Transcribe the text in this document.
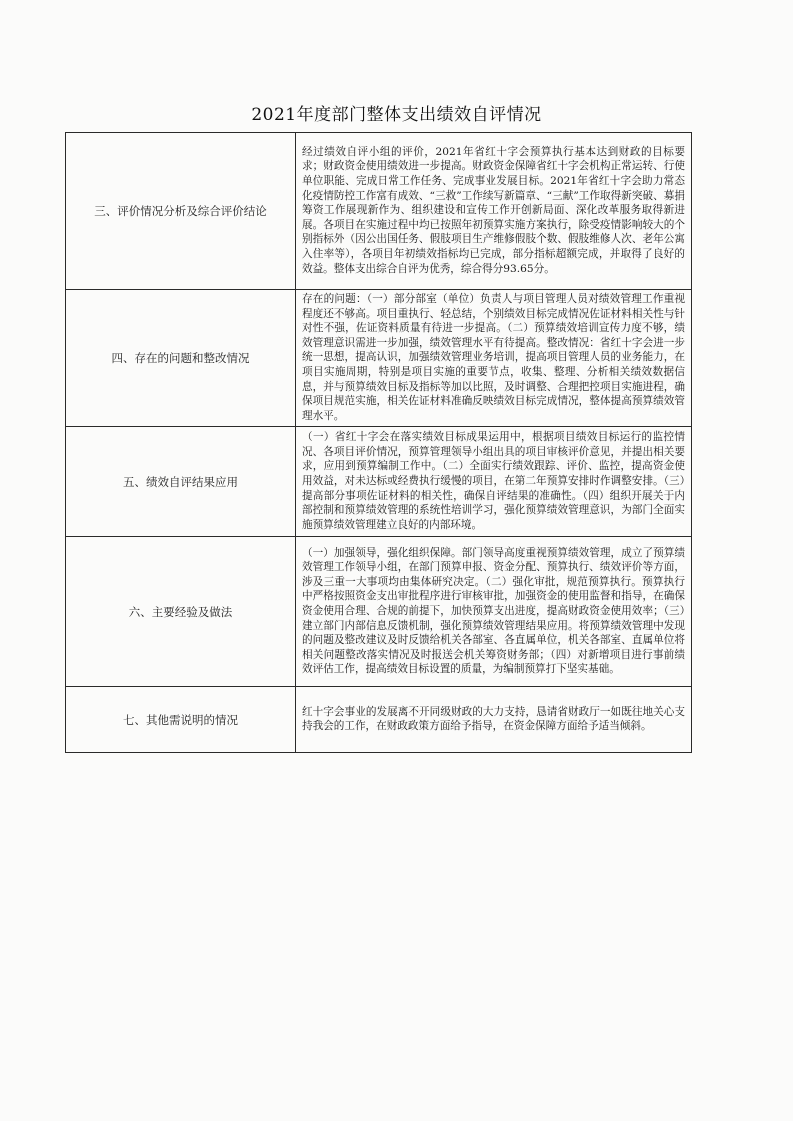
2021年度部门整体支出绩效自评情况
三、评价情况分析及综合评价结论	经过绩效自评小组的评价，2021年省红十字会预算执行基本达到财政的目标要求；财政资金使用绩效进一步提高。财政资金保障省红十字会机构正常运转、行使单位职能、完成日常工作任务、完成事业发展目标。2021年省红十字会助力常态化疫情防控工作富有成效、“三救”工作续写新篇章、“三献”工作取得新突破、募捐筹资工作展现新作为、组织建设和宣传工作开创新局面、深化改革服务取得新进展。各项目在实施过程中均已按照年初预算实施方案执行，除受疫情影响较大的个别指标外（因公出国任务、假肢项目生产维修假肢个数、假肢维修人次、老年公寓入住率等），各项目年初绩效指标均已完成，部分指标超额完成，并取得了良好的效益。整体支出综合自评为优秀，综合得分93.65分。
四、存在的问题和整改情况	存在的问题：（一）部分部室（单位）负责人与项目管理人员对绩效管理工作重视程度还不够高。项目重执行、轻总结，个别绩效目标完成情况佐证材料相关性与针对性不强，佐证资料质量有待进一步提高。（二）预算绩效培训宣传力度不够，绩效管理意识需进一步加强，绩效管理水平有待提高。整改情况：省红十字会进一步统一思想，提高认识，加强绩效管理业务培训，提高项目管理人员的业务能力，在项目实施周期，特别是项目实施的重要节点，收集、整理、分析相关绩效数据信息，并与预算绩效目标及指标等加以比照，及时调整、合理把控项目实施进程，确保项目规范实施，相关佐证材料准确反映绩效目标完成情况，整体提高预算绩效管理水平。
五、绩效自评结果应用	（一）省红十字会在落实绩效目标成果运用中，根据项目绩效目标运行的监控情况、各项目评价情况，预算管理领导小组出具的项目审核评价意见，并提出相关要求，应用到预算编制工作中。（二）全面实行绩效跟踪、评价、监控，提高资金使用效益，对未达标或经费执行缓慢的项目，在第二年预算安排时作调整安排。（三）提高部分事项佐证材料的相关性，确保自评结果的准确性。（四）组织开展关于内部控制和预算绩效管理的系统性培训学习，强化预算绩效管理意识，为部门全面实施预算绩效管理建立良好的内部环境。
六、主要经验及做法	（一）加强领导，强化组织保障。部门领导高度重视预算绩效管理，成立了预算绩效管理工作领导小组，在部门预算申报、资金分配、预算执行、绩效评价等方面，涉及三重一大事项均由集体研究决定。（二）强化审批，规范预算执行。预算执行中严格按照资金支出审批程序进行审核审批，加强资金的使用监督和指导，在确保资金使用合理、合规的前提下，加快预算支出进度，提高财政资金使用效率；（三）建立部门内部信息反馈机制，强化预算绩效管理结果应用。将预算绩效管理中发现的问题及整改建议及时反馈给机关各部室、各直属单位，机关各部室、直属单位将相关问题整改落实情况及时报送会机关筹资财务部；（四）对新增项目进行事前绩效评估工作，提高绩效目标设置的质量，为编制预算打下坚实基础。
七、其他需说明的情况	红十字会事业的发展离不开同级财政的大力支持，恳请省财政厅一如既往地关心支持我会的工作，在财政政策方面给予指导，在资金保障方面给予适当倾斜。
